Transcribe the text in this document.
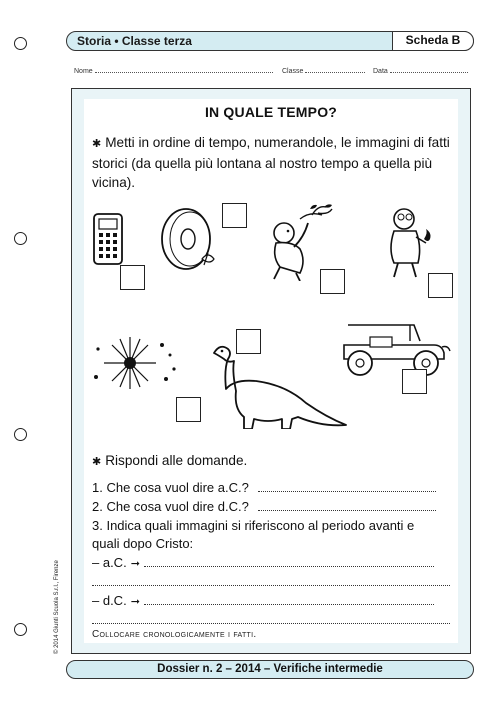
Storia • Classe terza	Scheda B
Nome	Classe	Data
IN QUALE TEMPO?
✱ Metti in ordine di tempo, numerandole, le immagini di fatti storici (da quella più lontana al nostro tempo a quella più vicina).
✱ Rispondi alle domande.
1. Che cosa vuol dire a.C.?
2. Che cosa vuol dire d.C.?
3. Indica quali immagini si riferiscono al periodo avanti e
quali dopo Cristo:
– a.C. ➞
– d.C. ➞
Collocare cronologicamente i fatti.
© 2014 Giunti Scuola S.r.l., Firenze
Dossier n. 2 – 2014 – Verifiche intermedie
